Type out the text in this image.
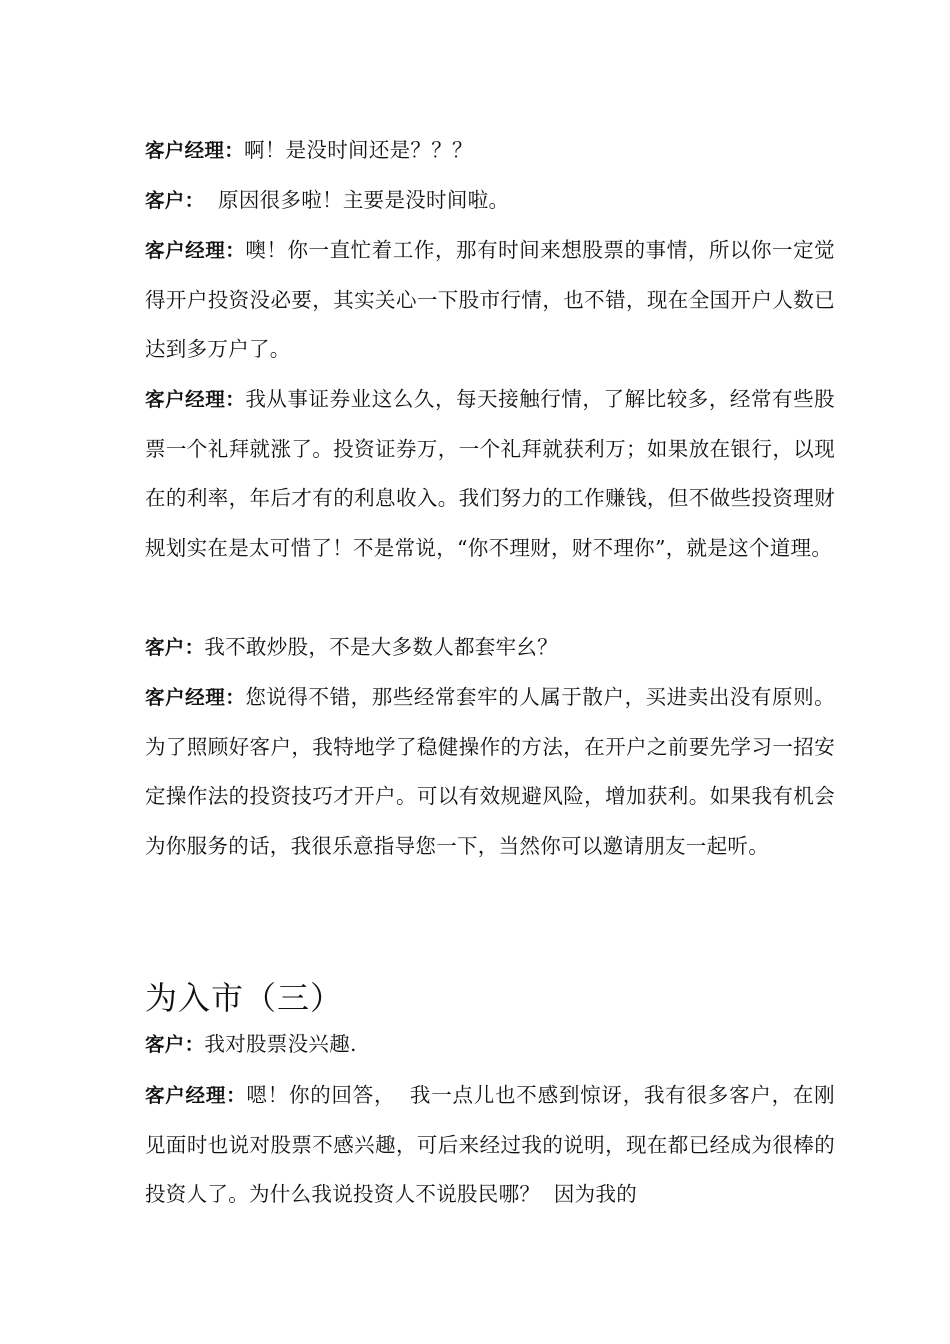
客户经理：啊！是没时间还是？？？

客户：  原因很多啦！主要是没时间啦。

客户经理：噢！你一直忙着工作，那有时间来想股票的事情，所以你一定觉得开户投资没必要，其实关心一下股市行情，也不错，现在全国开户人数已达到多万户了。

客户经理：我从事证券业这么久，每天接触行情，了解比较多，经常有些股票一个礼拜就涨了。投资证券万，一个礼拜就获利万；如果放在银行，以现在的利率，年后才有的利息收入。我们努力的工作赚钱，但不做些投资理财规划实在是太可惜了！不是常说，“你不理财，财不理你”，就是这个道理。

客户：我不敢炒股，不是大多数人都套牢幺？

客户经理：您说得不错，那些经常套牢的人属于散户，买进卖出没有原则。为了照顾好客户，我特地学了稳健操作的方法，在开户之前要先学习一招安定操作法的投资技巧才开户。可以有效规避风险，增加获利。如果我有机会为你服务的话，我很乐意指导您一下，当然你可以邀请朋友一起听。

为入市（三）

客户：我对股票没兴趣.

客户经理：嗯！你的回答，  我一点儿也不感到惊讶，我有很多客户，在刚见面时也说对股票不感兴趣，可后来经过我的说明，现在都已经成为很棒的投资人了。为什么我说投资人不说股民哪？  因为我的
